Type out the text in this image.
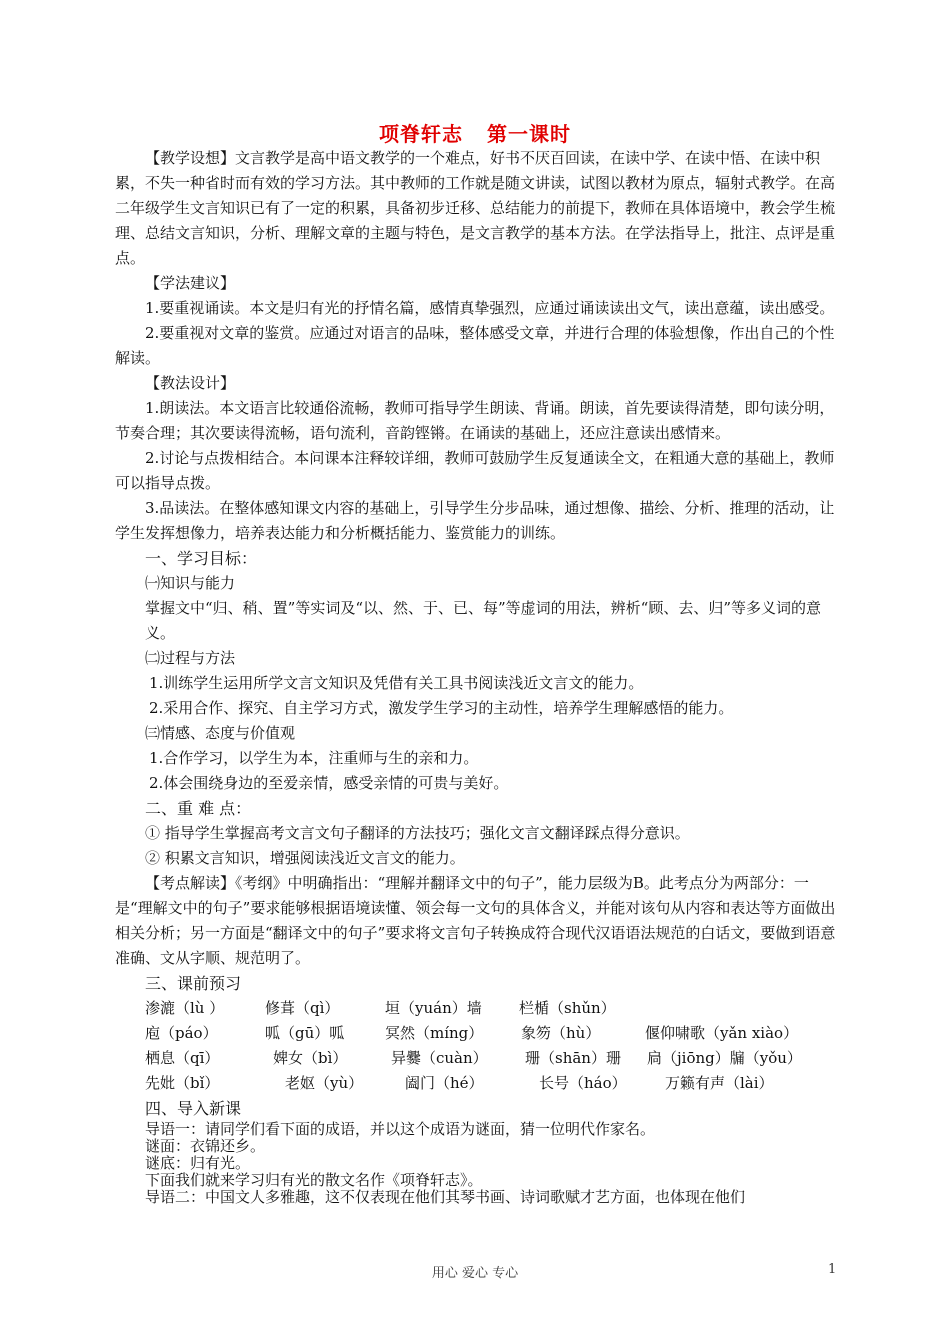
项脊轩志 第一课时

【教学设想】文言教学是高中语文教学的一个难点，好书不厌百回读，在读中学、在读中悟、在读中积累，不失一种省时而有效的学习方法。其中教师的工作就是随文讲读，试图以教材为原点，辐射式教学。在高二年级学生文言知识已有了一定的积累，具备初步迁移、总结能力的前提下，教师在具体语境中，教会学生梳理、总结文言知识，分析、理解文章的主题与特色，是文言教学的基本方法。在学法指导上，批注、点评是重点。

【学法建议】

1.要重视诵读。本文是归有光的抒情名篇，感情真挚强烈，应通过诵读读出文气，读出意蕴，读出感受。

2.要重视对文章的鉴赏。应通过对语言的品味，整体感受文章，并进行合理的体验想像，作出自己的个性解读。

【教法设计】

1.朗读法。本文语言比较通俗流畅，教师可指导学生朗读、背诵。朗读，首先要读得清楚，即句读分明，节奏合理；其次要读得流畅，语句流利，音韵铿锵。在诵读的基础上，还应注意读出感情来。

2.讨论与点拨相结合。本问课本注释较详细，教师可鼓励学生反复通读全文，在粗通大意的基础上，教师可以指导点拨。

3.品读法。在整体感知课文内容的基础上，引导学生分步品味，通过想像、描绘、分析、推理的活动，让学生发挥想像力，培养表达能力和分析概括能力、鉴赏能力的训练。

一、学习目标：

㈠知识与能力

掌握文中“归、稍、置”等实词及“以、然、于、已、每”等虚词的用法，辨析“顾、去、归”等多义词的意义。

㈡过程与方法

1.训练学生运用所学文言文知识及凭借有关工具书阅读浅近文言文的能力。

2.采用合作、探究、自主学习方式，激发学生学习的主动性，培养学生理解感悟的能力。

㈢情感、态度与价值观

1.合作学习，以学生为本，注重师与生的亲和力。

2.体会围绕身边的至爱亲情，感受亲情的可贵与美好。

二、重 难 点：

① 指导学生掌握高考文言文句子翻译的方法技巧；强化文言文翻译踩点得分意识。

② 积累文言知识，增强阅读浅近文言文的能力。

【考点解读】《考纲》中明确指出：“理解并翻译文中的句子”，能力层级为B。此考点分为两部分：一是“理解文中的句子”要求能够根据语境读懂、领会每一文句的具体含义，并能对该句从内容和表达等方面做出相关分析；另一方面是“翻译文中的句子”要求将文言句子转换成符合现代汉语语法规范的白话文，要做到语意准确、文从字顺、规范明了。

三、课前预习

渗漉（lù ）	修葺（qì）	垣（yuán）墙	栏楯（shǔn）
庖（páo）	呱（gū）呱	冥然（míng）	象笏（hù）	偃仰啸歌（yǎn xiào）
栖息（qī）	婢女（bì）	异爨（cuàn）	珊（shān）珊	扃（jiōng）牖（yǒu）
先妣（bǐ）	老妪（yù）	阖门（hé）	长号（háo）	万籁有声（lài）

四、导入新课

导语一：请同学们看下面的成语，并以这个成语为谜面，猜一位明代作家名。

谜面：衣锦还乡。

谜底：归有光。

下面我们就来学习归有光的散文名作《项脊轩志》。

导语二：中国文人多雅趣，这不仅表现在他们其琴书画、诗词歌赋才艺方面，也体现在他们

用心 爱心 专心	1
